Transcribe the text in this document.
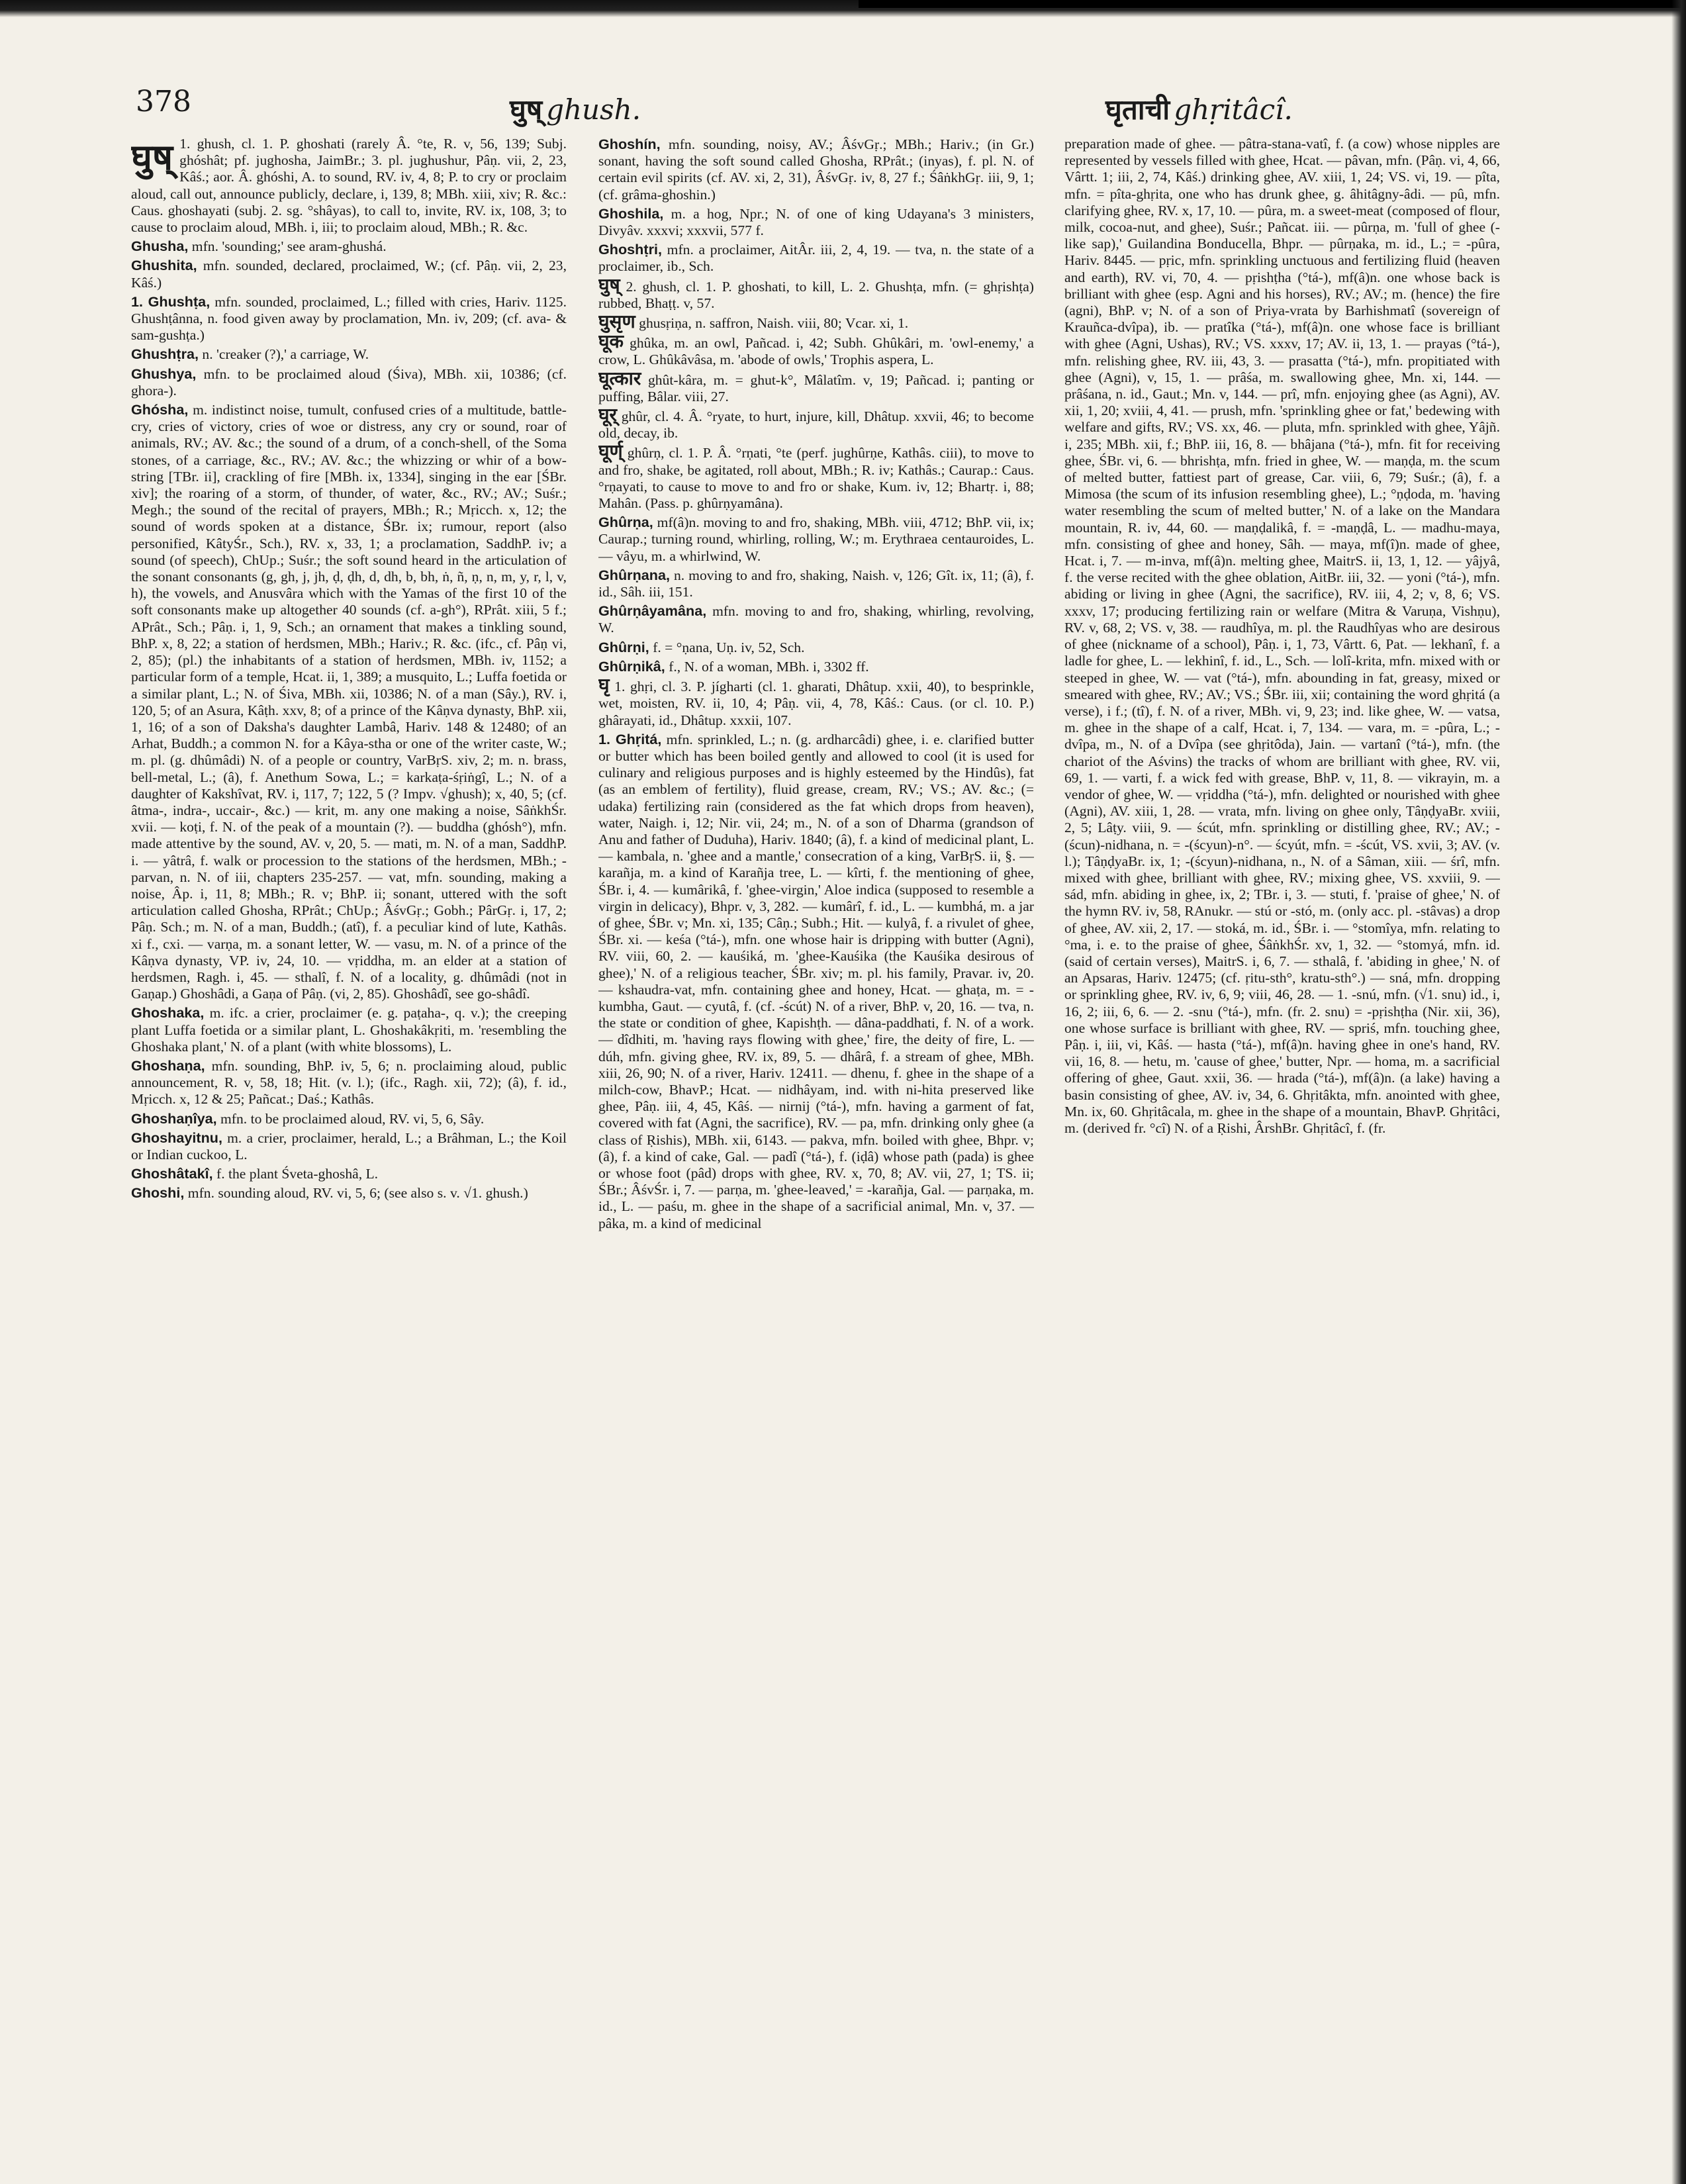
378	घुष् ghush.	घृताची ghṛitâcî.

घुष् 1. ghush, cl. 1. P. ghoshati (rarely Â. °te, R. v, 56, 139; Subj. ghóshât; pf. jughosha, JaimBr.; 3. pl. jughushur, Pâṇ. vii, 2, 23, Kâś.; aor. Â. ghóshi, A. to sound, RV. iv, 4, 8; P. to cry or proclaim aloud, call out, announce publicly, declare, i, 139, 8; MBh. xiii, xiv; R. &c.: Caus. ghoshayati (subj. 2. sg. °shâyas), to call to, invite, RV. ix, 108, 3; to cause to proclaim aloud, MBh. i, iii; to proclaim aloud, MBh.; R. &c.

Ghusha, mfn. 'sounding;' see aram-ghushá.

Ghushita, mfn. sounded, declared, proclaimed, W.; (cf. Pâṇ. vii, 2, 23, Kâś.)

1. Ghushṭa, mfn. sounded, proclaimed, L.; filled with cries, Hariv. 1125. Ghushṭânna, n. food given away by proclamation, Mn. iv, 209; (cf. ava- & sam-gushṭa.)

Ghushṭra, n. 'creaker (?),' a carriage, W.

Ghushya, mfn. to be proclaimed aloud (Śiva), MBh. xii, 10386; (cf. ghora-).

Ghósha, m. indistinct noise, tumult, confused cries of a multitude, battle-cry, cries of victory, cries of woe or distress, any cry or sound, roar of animals, RV.; AV. &c.; the sound of a drum, of a conch-shell, of the Soma stones, of a carriage, &c., RV.; AV. &c.; the whizzing or whir of a bow-string [TBr. ii], crackling of fire [MBh. ix, 1334], singing in the ear [ŚBr. xiv]; the roaring of a storm, of thunder, of water, &c., RV.; AV.; Suśr.; Megh.; the sound of the recital of prayers, MBh.; R.; Mṛicch. x, 12; the sound of words spoken at a distance, ŚBr. ix; rumour, report (also personified, KâtyŚr., Sch.), RV. x, 33, 1; a proclamation, SaddhP. iv; a sound (of speech), ChUp.; Suśr.; the soft sound heard in the articulation of the sonant consonants (g, gh, j, jh, ḍ, ḍh, d, dh, b, bh, ṅ, ñ, ṇ, n, m, y, r, l, v, h), the vowels, and Anusvâra which with the Yamas of the first 10 of the soft consonants make up altogether 40 sounds (cf. a-gh°), RPrât. xiii, 5 f.; APrât., Sch.; Pâṇ. i, 1, 9, Sch.; an ornament that makes a tinkling sound, BhP. x, 8, 22; a station of herdsmen, MBh.; Hariv.; R. &c. (ifc., cf. Pâṇ vi, 2, 85); (pl.) the inhabitants of a station of herdsmen, MBh. iv, 1152; a particular form of a temple, Hcat. ii, 1, 389; a musquito, L.; Luffa foetida or a similar plant, L.; N. of Śiva, MBh. xii, 10386; N. of a man (Sây.), RV. i, 120, 5; of an Asura, Kâṭh. xxv, 8; of a prince of the Kâṇva dynasty, BhP. xii, 1, 16; of a son of Daksha's daughter Lambâ, Hariv. 148 & 12480; of an Arhat, Buddh.; a common N. for a Kâya-stha or one of the writer caste, W.; m. pl. (g. dhûmâdi) N. of a people or country, VarBṛS. xiv, 2; m. n. brass, bell-metal, L.; (â), f. Anethum Sowa, L.; = karkaṭa-śṛiṅgî, L.; N. of a daughter of Kakshîvat, RV. i, 117, 7; 122, 5 (? Impv. √ghush); x, 40, 5; (cf. âtma-, indra-, uccair-, &c.) — krit, m. any one making a noise, SâṅkhŚr. xvii. — koṭi, f. N. of the peak of a mountain (?). — buddha (ghósh°), mfn. made attentive by the sound, AV. v, 20, 5. — mati, m. N. of a man, SaddhP. i. — yâtrâ, f. walk or procession to the stations of the herdsmen, MBh.; -parvan, n. N. of iii, chapters 235-257. — vat, mfn. sounding, making a noise, Âp. i, 11, 8; MBh.; R. v; BhP. ii; sonant, uttered with the soft articulation called Ghosha, RPrât.; ChUp.; ÂśvGṛ.; Gobh.; PârGṛ. i, 17, 2; Pâṇ. Sch.; m. N. of a man, Buddh.; (atî), f. a peculiar kind of lute, Kathâs. xi f., cxi. — varṇa, m. a sonant letter, W. — vasu, m. N. of a prince of the Kâṇva dynasty, VP. iv, 24, 10. — vṛiddha, m. an elder at a station of herdsmen, Ragh. i, 45. — sthalî, f. N. of a locality, g. dhûmâdi (not in Gaṇap.) Ghoshâdi, a Gaṇa of Pâṇ. (vi, 2, 85). Ghoshâdî, see go-shâdî.

Ghoshaka, m. ifc. a crier, proclaimer (e. g. paṭaha-, q. v.); the creeping plant Luffa foetida or a similar plant, L. Ghoshakâkṛiti, m. 'resembling the Ghoshaka plant,' N. of a plant (with white blossoms), L.

Ghoshaṇa, mfn. sounding, BhP. iv, 5, 6; n. proclaiming aloud, public announcement, R. v, 58, 18; Hit. (v. l.); (ifc., Ragh. xii, 72); (â), f. id., Mṛicch. x, 12 & 25; Pañcat.; Daś.; Kathâs.

Ghoshaṇîya, mfn. to be proclaimed aloud, RV. vi, 5, 6, Sây.

Ghoshayitnu, m. a crier, proclaimer, herald, L.; a Brâhman, L.; the Koil or Indian cuckoo, L.

Ghoshâtakî, f. the plant Śveta-ghoshâ, L.

Ghoshi, mfn. sounding aloud, RV. vi, 5, 6; (see also s. v. √1. ghush.)

Ghoshín, mfn. sounding, noisy, AV.; ÂśvGṛ.; MBh.; Hariv.; (in Gr.) sonant, having the soft sound called Ghosha, RPrât.; (inyas), f. pl. N. of certain evil spirits (cf. AV. xi, 2, 31), ÂśvGṛ. iv, 8, 27 f.; ŚâṅkhGṛ. iii, 9, 1; (cf. grâma-ghoshin.)

Ghoshila, m. a hog, Npr.; N. of one of king Udayana's 3 ministers, Divyâv. xxxvi; xxxvii, 577 f.

Ghoshṭri, mfn. a proclaimer, AitÂr. iii, 2, 4, 19. — tva, n. the state of a proclaimer, ib., Sch.

घुष् 2. ghush, cl. 1. P. ghoshati, to kill, L. 2. Ghushṭa, mfn. (= ghṛishṭa) rubbed, Bhaṭṭ. v, 57.

घुसृण ghusṛiṇa, n. saffron, Naish. viii, 80; Vcar. xi, 1.

घूक ghûka, m. an owl, Pañcad. i, 42; Subh. Ghûkâri, m. 'owl-enemy,' a crow, L. Ghûkâvâsa, m. 'abode of owls,' Trophis aspera, L.

घूत्कार ghût-kâra, m. = ghut-k°, Mâlatîm. v, 19; Pañcad. i; panting or puffing, Bâlar. viii, 27.

घूर् ghûr, cl. 4. Â. °ryate, to hurt, injure, kill, Dhâtup. xxvii, 46; to become old, decay, ib.

घूर्ण् ghûrṇ, cl. 1. P. Â. °rṇati, °te (perf. jughûrṇe, Kathâs. ciii), to move to and fro, shake, be agitated, roll about, MBh.; R. iv; Kathâs.; Caurap.: Caus. °rṇayati, to cause to move to and fro or shake, Kum. iv, 12; Bhartṛ. i, 88; Mahân. (Pass. p. ghûrṇyamâna).

Ghûrṇa, mf(â)n. moving to and fro, shaking, MBh. viii, 4712; BhP. vii, ix; Caurap.; turning round, whirling, rolling, W.; m. Erythraea centauroides, L. — vâyu, m. a whirlwind, W.

Ghûrṇana, n. moving to and fro, shaking, Naish. v, 126; Gît. ix, 11; (â), f. id., Sâh. iii, 151.

Ghûrṇâyamâna, mfn. moving to and fro, shaking, whirling, revolving, W.

Ghûrṇi, f. = °ṇana, Uṇ. iv, 52, Sch.

Ghûrṇikâ, f., N. of a woman, MBh. i, 3302 ff.

घृ 1. ghṛi, cl. 3. P. jígharti (cl. 1. gharati, Dhâtup. xxii, 40), to besprinkle, wet, moisten, RV. ii, 10, 4; Pâṇ. vii, 4, 78, Kâś.: Caus. (or cl. 10. P.) ghârayati, id., Dhâtup. xxxii, 107.

1. Ghṛitá, mfn. sprinkled, L.; n. (g. ardharcâdi) ghee, i. e. clarified butter or butter which has been boiled gently and allowed to cool (it is used for culinary and religious purposes and is highly esteemed by the Hindûs), fat (as an emblem of fertility), fluid grease, cream, RV.; VS.; AV. &c.; (= udaka) fertilizing rain (considered as the fat which drops from heaven), water, Naigh. i, 12; Nir. vii, 24; m., N. of a son of Dharma (grandson of Anu and father of Duduha), Hariv. 1840; (â), f. a kind of medicinal plant, L. — kambala, n. 'ghee and a mantle,' consecration of a king, VarBṛS. ii, §. — karañja, m. a kind of Karañja tree, L. — kîrti, f. the mentioning of ghee, ŚBr. i, 4. — kumârikâ, f. 'ghee-virgin,' Aloe indica (supposed to resemble a virgin in delicacy), Bhpr. v, 3, 282. — kumârî, f. id., L. — kumbhá, m. a jar of ghee, ŚBr. v; Mn. xi, 135; Câṇ.; Subh.; Hit. — kulyâ, f. a rivulet of ghee, ŚBr. xi. — keśa (°tá-), mfn. one whose hair is dripping with butter (Agni), RV. viii, 60, 2. — kauśiká, m. 'ghee-Kauśika (the Kauśika desirous of ghee),' N. of a religious teacher, ŚBr. xiv; m. pl. his family, Pravar. iv, 20. — kshaudra-vat, mfn. containing ghee and honey, Hcat. — ghaṭa, m. = -kumbha, Gaut. — cyutâ, f. (cf. -ścút) N. of a river, BhP. v, 20, 16. — tva, n. the state or condition of ghee, Kapishṭh. — dâna-paddhati, f. N. of a work. — dîdhiti, m. 'having rays flowing with ghee,' fire, the deity of fire, L. — dúh, mfn. giving ghee, RV. ix, 89, 5. — dhârâ, f. a stream of ghee, MBh. xiii, 26, 90; N. of a river, Hariv. 12411. — dhenu, f. ghee in the shape of a milch-cow, BhavP.; Hcat. — nidhâyam, ind. with ni-hita preserved like ghee, Pâṇ. iii, 4, 45, Kâś. — nirnij (°tá-), mfn. having a garment of fat, covered with fat (Agni, the sacrifice), RV. — pa, mfn. drinking only ghee (a class of Ṛishis), MBh. xii, 6143. — pakva, mfn. boiled with ghee, Bhpr. v; (â), f. a kind of cake, Gal. — padî (°tá-), f. (iḍâ) whose path (pada) is ghee or whose foot (pâd) drops with ghee, RV. x, 70, 8; AV. vii, 27, 1; TS. ii; ŚBr.; ÂśvŚr. i, 7. — parṇa, m. 'ghee-leaved,' = -karañja, Gal. — parṇaka, m. id., L. — paśu, m. ghee in the shape of a sacrificial animal, Mn. v, 37. — pâka, m. a kind of medicinal

preparation made of ghee. — pâtra-stana-vatî, f. (a cow) whose nipples are represented by vessels filled with ghee, Hcat. — pâvan, mfn. (Pâṇ. vi, 4, 66, Vârtt. 1; iii, 2, 74, Kâś.) drinking ghee, AV. xiii, 1, 24; VS. vi, 19. — pîta, mfn. = pîta-ghṛita, one who has drunk ghee, g. âhitâgny-âdi. — pû, mfn. clarifying ghee, RV. x, 17, 10. — pûra, m. a sweet-meat (composed of flour, milk, cocoa-nut, and ghee), Suśr.; Pañcat. iii. — pûrṇa, m. 'full of ghee (-like sap),' Guilandina Bonducella, Bhpr. — pûrṇaka, m. id., L.; = -pûra, Hariv. 8445. — pṛic, mfn. sprinkling unctuous and fertilizing fluid (heaven and earth), RV. vi, 70, 4. — pṛishṭha (°tá-), mf(â)n. one whose back is brilliant with ghee (esp. Agni and his horses), RV.; AV.; m. (hence) the fire (agni), BhP. v; N. of a son of Priya-vrata by Barhishmatî (sovereign of Krauñca-dvîpa), ib. — pratîka (°tá-), mf(â)n. one whose face is brilliant with ghee (Agni, Ushas), RV.; VS. xxxv, 17; AV. ii, 13, 1. — prayas (°tá-), mfn. relishing ghee, RV. iii, 43, 3. — prasatta (°tá-), mfn. propitiated with ghee (Agni), v, 15, 1. — prâśa, m. swallowing ghee, Mn. xi, 144. — prâśana, n. id., Gaut.; Mn. v, 144. — prî, mfn. enjoying ghee (as Agni), AV. xii, 1, 20; xviii, 4, 41. — prush, mfn. 'sprinkling ghee or fat,' bedewing with welfare and gifts, RV.; VS. xx, 46. — pluta, mfn. sprinkled with ghee, Yâjñ. i, 235; MBh. xii, f.; BhP. iii, 16, 8. — bhâjana (°tá-), mfn. fit for receiving ghee, ŚBr. vi, 6. — bhrishṭa, mfn. fried in ghee, W. — maṇḍa, m. the scum of melted butter, fattiest part of grease, Car. viii, 6, 79; Suśr.; (â), f. a Mimosa (the scum of its infusion resembling ghee), L.; °ṇḍoda, m. 'having water resembling the scum of melted butter,' N. of a lake on the Mandara mountain, R. iv, 44, 60. — maṇḍalikâ, f. = -maṇḍâ, L. — madhu-maya, mfn. consisting of ghee and honey, Sâh. — maya, mf(î)n. made of ghee, Hcat. i, 7. — m-inva, mf(â)n. melting ghee, MaitrS. ii, 13, 1, 12. — yâjyâ, f. the verse recited with the ghee oblation, AitBr. iii, 32. — yoni (°tá-), mfn. abiding or living in ghee (Agni, the sacrifice), RV. iii, 4, 2; v, 8, 6; VS. xxxv, 17; producing fertilizing rain or welfare (Mitra & Varuṇa, Vishṇu), RV. v, 68, 2; VS. v, 38. — raudhîya, m. pl. the Raudhîyas who are desirous of ghee (nickname of a school), Pâṇ. i, 1, 73, Vârtt. 6, Pat. — lekhanî, f. a ladle for ghee, L. — lekhinî, f. id., L., Sch. — lolî-krita, mfn. mixed with or steeped in ghee, W. — vat (°tá-), mfn. abounding in fat, greasy, mixed or smeared with ghee, RV.; AV.; VS.; ŚBr. iii, xii; containing the word ghṛitá (a verse), i f.; (tî), f. N. of a river, MBh. vi, 9, 23; ind. like ghee, W. — vatsa, m. ghee in the shape of a calf, Hcat. i, 7, 134. — vara, m. = -pûra, L.; -dvîpa, m., N. of a Dvîpa (see ghṛitôda), Jain. — vartanî (°tá-), mfn. (the chariot of the Aśvins) the tracks of whom are brilliant with ghee, RV. vii, 69, 1. — varti, f. a wick fed with grease, BhP. v, 11, 8. — vikrayin, m. a vendor of ghee, W. — vṛiddha (°tá-), mfn. delighted or nourished with ghee (Agni), AV. xiii, 1, 28. — vrata, mfn. living on ghee only, TâṇḍyaBr. xviii, 2, 5; Lâṭy. viii, 9. — ścút, mfn. sprinkling or distilling ghee, RV.; AV.; -(ścun)-nidhana, n. = -(ścyun)-n°. — ścyút, mfn. = -ścút, VS. xvii, 3; AV. (v. l.); TâṇḍyaBr. ix, 1; -(ścyun)-nidhana, n., N. of a Sâman, xiii. — śrî, mfn. mixed with ghee, brilliant with ghee, RV.; mixing ghee, VS. xxviii, 9. — sád, mfn. abiding in ghee, ix, 2; TBr. i, 3. — stuti, f. 'praise of ghee,' N. of the hymn RV. iv, 58, RAnukr. — stú or -stó, m. (only acc. pl. -stâvas) a drop of ghee, AV. xii, 2, 17. — stoká, m. id., ŚBr. i. — °stomîya, mfn. relating to °ma, i. e. to the praise of ghee, ŚâṅkhŚr. xv, 1, 32. — °stomyá, mfn. id. (said of certain verses), MaitrS. i, 6, 7. — sthalâ, f. 'abiding in ghee,' N. of an Apsaras, Hariv. 12475; (cf. ṛitu-sth°, kratu-sth°.) — sná, mfn. dropping or sprinkling ghee, RV. iv, 6, 9; viii, 46, 28. — 1. -snú, mfn. (√1. snu) id., i, 16, 2; iii, 6, 6. — 2. -snu (°tá-), mfn. (fr. 2. snu) = -pṛishṭha (Nir. xii, 36), one whose surface is brilliant with ghee, RV. — spriś, mfn. touching ghee, Pâṇ. i, iii, vi, Kâś. — hasta (°tá-), mf(â)n. having ghee in one's hand, RV. vii, 16, 8. — hetu, m. 'cause of ghee,' butter, Npr. — homa, m. a sacrificial offering of ghee, Gaut. xxii, 36. — hrada (°tá-), mf(â)n. (a lake) having a basin consisting of ghee, AV. iv, 34, 6. Ghṛitâkta, mfn. anointed with ghee, Mn. ix, 60. Ghṛitâcala, m. ghee in the shape of a mountain, BhavP. Ghṛitâci, m. (derived fr. °cî) N. of a Ṛishi, ÂrshBr. Ghṛitâcî, f. (fr.
